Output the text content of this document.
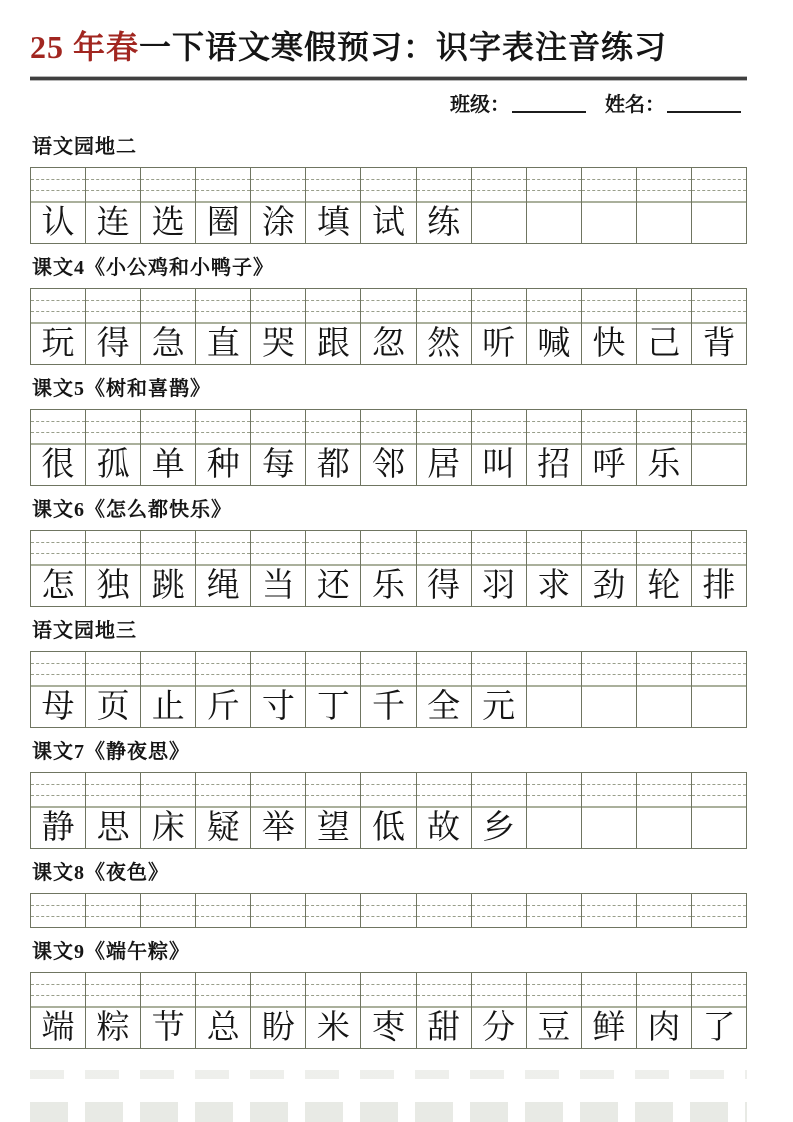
25 年春一下语文寒假预习：识字表注音练习
班级：	姓名：
语文园地二
认 连 选 圈 涂 填 试 练
课文4《小公鸡和小鸭子》
玩 得 急 直 哭 跟 忽 然 听 喊 快 己 背
课文5《树和喜鹊》
很 孤 单 种 每 都 邻 居 叫 招 呼 乐
课文6《怎么都快乐》
怎 独 跳 绳 当 还 乐 得 羽 求 劲 轮 排
语文园地三
母 页 止 斤 寸 丁 千 全 元
课文7《静夜思》
静 思 床 疑 举 望 低 故 乡
课文8《夜色》
课文9《端午粽》
端 粽 节 总 盼 米 枣 甜 分 豆 鲜 肉 了
